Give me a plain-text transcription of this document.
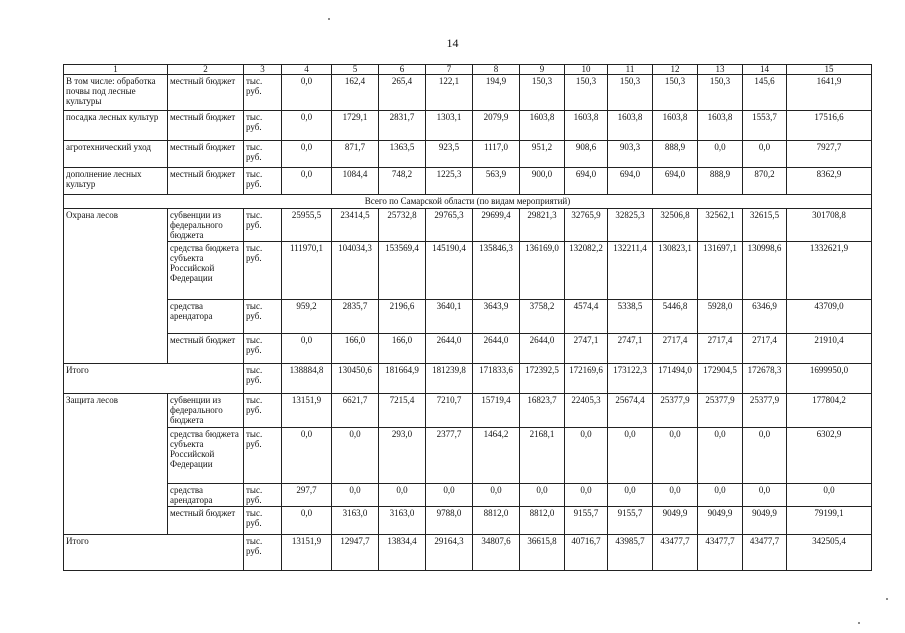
14
1	2	3	4	5	6	7	8	9	10	11	12	13	14	15
В том числе: обработка почвы под лесные культуры	местный бюджет	тыс. руб.	0,0	162,4	265,4	122,1	194,9	150,3	150,3	150,3	150,3	150,3	145,6	1641,9
посадка лесных культур	местный бюджет	тыс. руб.	0,0	1729,1	2831,7	1303,1	2079,9	1603,8	1603,8	1603,8	1603,8	1603,8	1553,7	17516,6
агротехнический уход	местный бюджет	тыс. руб.	0,0	871,7	1363,5	923,5	1117,0	951,2	908,6	903,3	888,9	0,0	0,0	7927,7
дополнение лесных культур	местный бюджет	тыс. руб.	0,0	1084,4	748,2	1225,3	563,9	900,0	694,0	694,0	694,0	888,9	870,2	8362,9
Всего по Самарской области (по видам мероприятий)														
Охрана лесов	субвенции из федерального бюджета	тыс. руб.	25955,5	23414,5	25732,8	29765,3	29699,4	29821,3	32765,9	32825,3	32506,8	32562,1	32615,5	301708,8
	средства бюджета субъекта Российской Федерации	тыс. руб.	111970,1	104034,3	153569,4	145190,4	135846,3	136169,0	132082,2	132211,4	130823,1	131697,1	130998,6	1332621,9
	средства арендатора	тыс. руб.	959,2	2835,7	2196,6	3640,1	3643,9	3758,2	4574,4	5338,5	5446,8	5928,0	6346,9	43709,0
	местный бюджет	тыс. руб.	0,0	166,0	166,0	2644,0	2644,0	2644,0	2747,1	2747,1	2717,4	2717,4	2717,4	21910,4
Итого		тыс. руб.	138884,8	130450,6	181664,9	181239,8	171833,6	172392,5	172169,6	173122,3	171494,0	172904,5	172678,3	1699950,0
Защита лесов	субвенции из федерального бюджета	тыс. руб.	13151,9	6621,7	7215,4	7210,7	15719,4	16823,7	22405,3	25674,4	25377,9	25377,9	25377,9	177804,2
	средства бюджета субъекта Российской Федерации	тыс. руб.	0,0	0,0	293,0	2377,7	1464,2	2168,1	0,0	0,0	0,0	0,0	0,0	6302,9
	средства арендатора	тыс. руб.	297,7	0,0	0,0	0,0	0,0	0,0	0,0	0,0	0,0	0,0	0,0	0,0
	местный бюджет	тыс. руб.	0,0	3163,0	3163,0	9788,0	8812,0	8812,0	9155,7	9155,7	9049,9	9049,9	9049,9	79199,1
Итого		тыс. руб.	13151,9	12947,7	13834,4	29164,3	34807,6	36615,8	40716,7	43985,7	43477,7	43477,7	43477,7	342505,4
